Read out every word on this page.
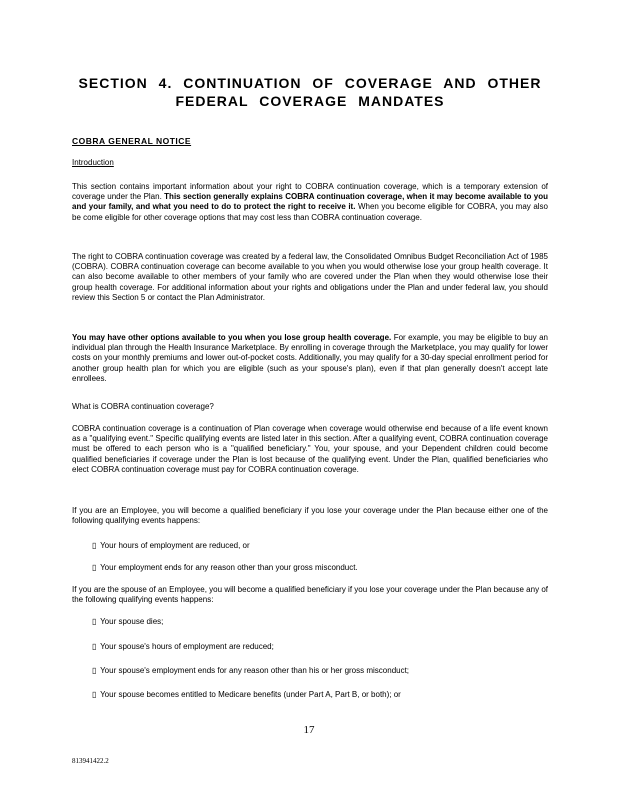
SECTION 4. CONTINUATION OF COVERAGE AND OTHER
FEDERAL COVERAGE MANDATES
COBRA GENERAL NOTICE
Introduction
This section contains important information about your right to COBRA continuation coverage, which is a temporary extension of coverage under the Plan. This section generally explains COBRA continuation coverage, when it may become available to you and your family, and what you need to do to protect the right to receive it. When you become eligible for COBRA, you may also be come eligible for other coverage options that may cost less than COBRA continuation coverage.
The right to COBRA continuation coverage was created by a federal law, the Consolidated Omnibus Budget Reconciliation Act of 1985 (COBRA). COBRA continuation coverage can become available to you when you would otherwise lose your group health coverage. It can also become available to other members of your family who are covered under the Plan when they would otherwise lose their group health coverage. For additional information about your rights and obligations under the Plan and under federal law, you should review this Section 5 or contact the Plan Administrator.
You may have other options available to you when you lose group health coverage. For example, you may be eligible to buy an individual plan through the Health Insurance Marketplace. By enrolling in coverage through the Marketplace, you may qualify for lower costs on your monthly premiums and lower out-of-pocket costs. Additionally, you may qualify for a 30-day special enrollment period for another group health plan for which you are eligible (such as your spouse's plan), even if that plan generally doesn't accept late enrollees.
What is COBRA continuation coverage?
COBRA continuation coverage is a continuation of Plan coverage when coverage would otherwise end because of a life event known as a "qualifying event." Specific qualifying events are listed later in this section. After a qualifying event, COBRA continuation coverage must be offered to each person who is a "qualified beneficiary." You, your spouse, and your Dependent children could become qualified beneficiaries if coverage under the Plan is lost because of the qualifying event. Under the Plan, qualified beneficiaries who elect COBRA continuation coverage must pay for COBRA continuation coverage.
If you are an Employee, you will become a qualified beneficiary if you lose your coverage under the Plan because either one of the following qualifying events happens:
▯ Your hours of employment are reduced, or
▯ Your employment ends for any reason other than your gross misconduct.
If you are the spouse of an Employee, you will become a qualified beneficiary if you lose your coverage under the Plan because any of the following qualifying events happens:
▯ Your spouse dies;
▯ Your spouse's hours of employment are reduced;
▯ Your spouse's employment ends for any reason other than his or her gross misconduct;
▯ Your spouse becomes entitled to Medicare benefits (under Part A, Part B, or both); or
17
813941422.2
